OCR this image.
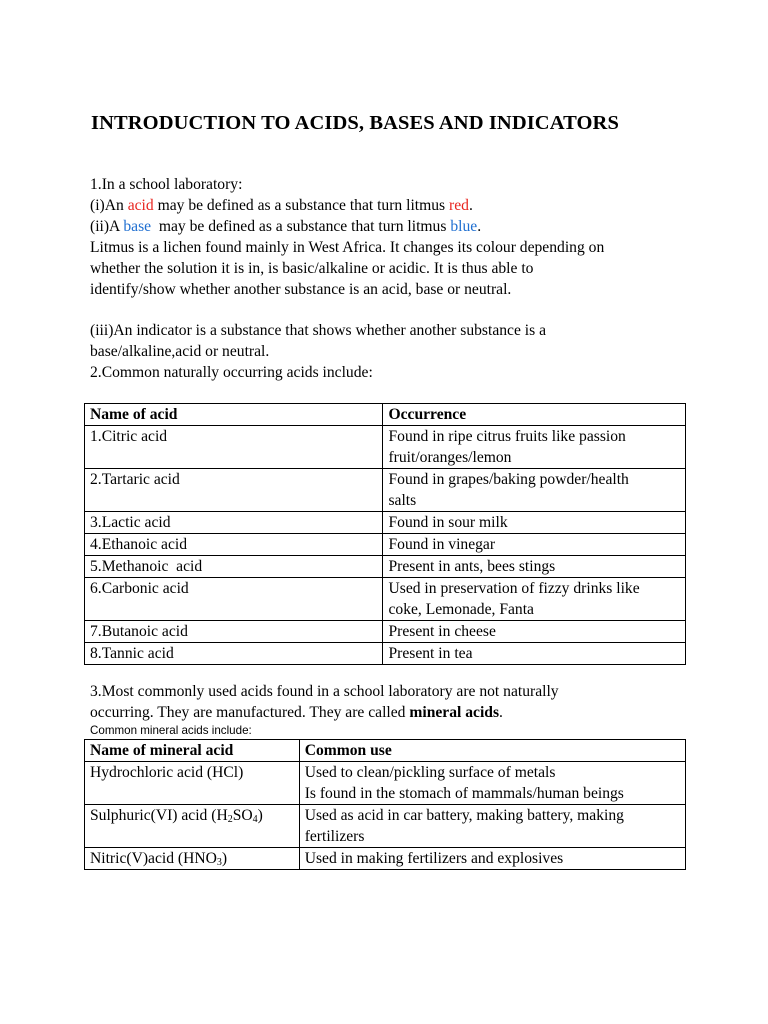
INTRODUCTION TO ACIDS, BASES AND INDICATORS

1.In a school laboratory:

(i)An acid may be defined as a substance that turn litmus red.

(ii)A base  may be defined as a substance that turn litmus blue.

Litmus is a lichen found mainly in West Africa. It changes its colour depending on

whether the solution it is in, is basic/alkaline or acidic. It is thus able to

identify/show whether another substance is an acid, base or neutral.

(iii)An indicator is a substance that shows whether another substance is a

base/alkaline,acid or neutral.

2.Common naturally occurring acids include:

Name of acid	Occurrence
1.Citric acid	Found in ripe citrus fruits like passion
fruit/oranges/lemon

2.Tartaric acid	Found in grapes/baking powder/health
salts

3.Lactic acid	Found in sour milk
4.Ethanoic acid	Found in vinegar
5.Methanoic  acid	Present in ants, bees stings
6.Carbonic acid	Used in preservation of fizzy drinks like
coke, Lemonade, Fanta

7.Butanoic acid	Present in cheese
8.Tannic acid	Present in tea

3.Most commonly used acids found in a school laboratory are not naturally

occurring. They are manufactured. They are called mineral acids.

Common mineral acids include:

Name of mineral acid	Common use
Hydrochloric acid (HCl)	Used to clean/pickling surface of metals
Is found in the stomach of mammals/human beings

Sulphuric(VI) acid $(H_2SO_4)$	Used as acid in car battery, making battery, making
fertilizers

Nitric(V)acid $(HNO_3)$	Used in making fertilizers and explosives
